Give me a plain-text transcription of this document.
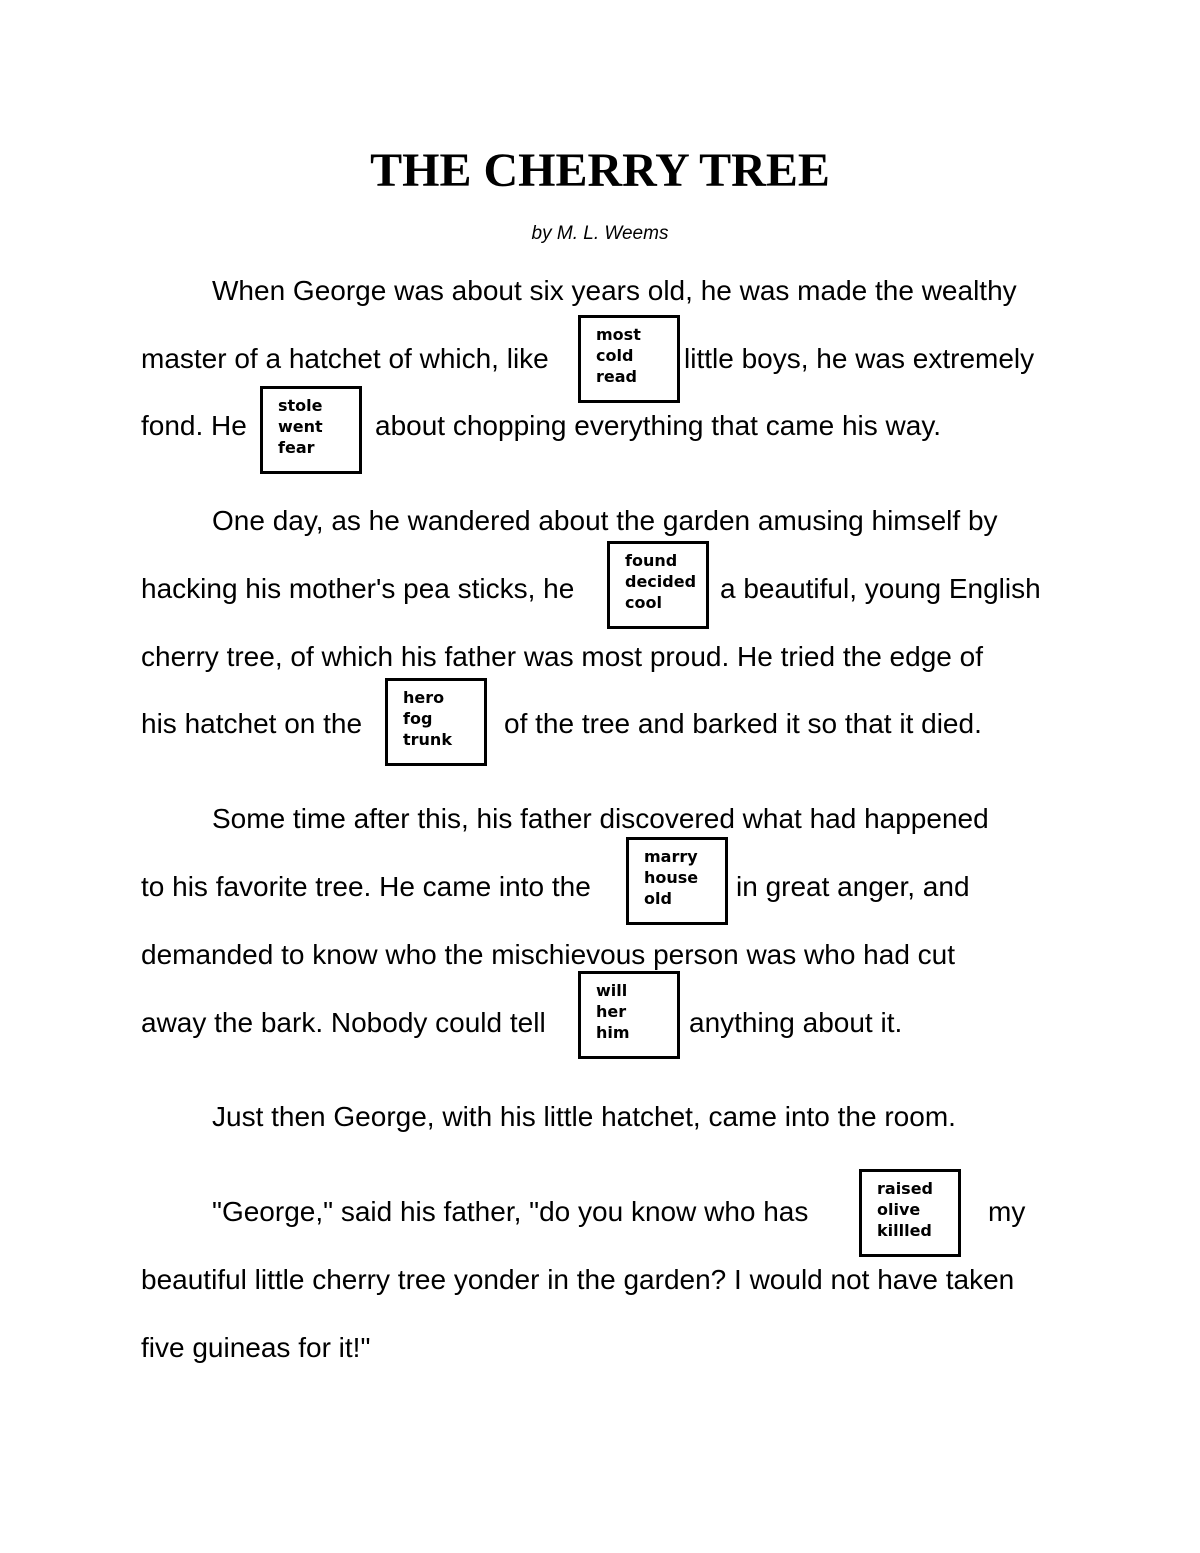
THE CHERRY TREE
by M. L. Weems
When George was about six years old, he was made the wealthy
master of a hatchet of which, like
most
cold
read
little boys, he was extremely
fond. He
stole
went
fear
about chopping everything that came his way.
One day, as he wandered about the garden amusing himself by
hacking his mother's pea sticks, he
found
decided
cool	a beautiful, young English
cherry tree, of which his father was most proud. He tried the edge of
his hatchet on the
hero
fog
trunk
of the tree and barked it so that it died.
Some time after this, his father discovered what had happened
to his favorite tree. He came into the
marry
house
old	in great anger, and
demanded to know who the mischievous person was who had cut
away the bark. Nobody could tell
will
her
him	anything about it.
Just then George, with his little hatchet, came into the room.
"George," said his father, "do you know who has
raised
olive
killled
my
beautiful little cherry tree yonder in the garden? I would not have taken
five guineas for it!"
